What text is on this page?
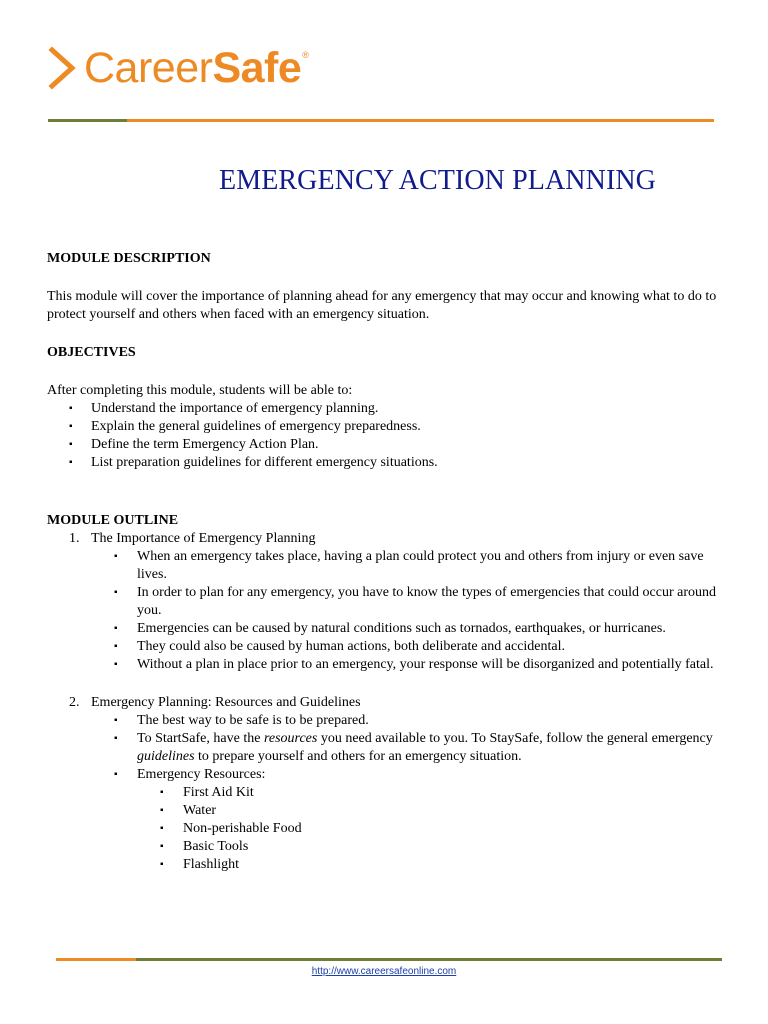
CareerSafe®
EMERGENCY ACTION PLANNING

MODULE DESCRIPTION

This module will cover the importance of planning ahead for any emergency that may occur and knowing what to do to protect yourself and others when faced with an emergency situation.

OBJECTIVES

After completing this module, students will be able to:

▪ Understand the importance of emergency planning.
▪ Explain the general guidelines of emergency preparedness.
▪ Define the term Emergency Action Plan.
▪ List preparation guidelines for different emergency situations.

MODULE OUTLINE

1. The Importance of Emergency Planning
▪ When an emergency takes place, having a plan could protect you and others from injury or even save lives.
▪ In order to plan for any emergency, you have to know the types of emergencies that could occur around you.
▪ Emergencies can be caused by natural conditions such as tornados, earthquakes, or hurricanes.
▪ They could also be caused by human actions, both deliberate and accidental.
▪ Without a plan in place prior to an emergency, your response will be disorganized and potentially fatal.
2. Emergency Planning: Resources and Guidelines
▪ The best way to be safe is to be prepared.
▪ To StartSafe, have the resources you need available to you. To StaySafe, follow the general emergency guidelines to prepare yourself and others for an emergency situation.
▪ Emergency Resources:
▪ First Aid Kit
▪ Water
▪ Non-perishable Food
▪ Basic Tools
▪ Flashlight
http://www.careersafeonline.com
